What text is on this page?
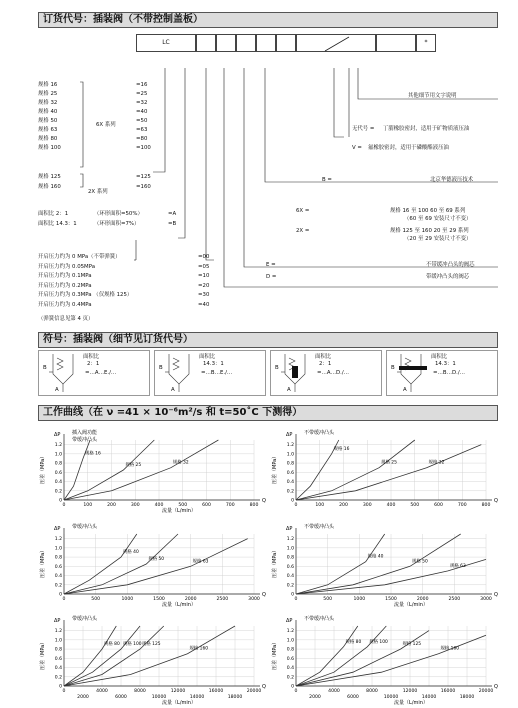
订货代号：插装阀（不带控制盖板）
LC	*
规格 16	=16
规格 25	=25
规格 32	=32
规格 40	=40
规格 50	=50
规格 63	=63
规格 80	=80
规格 100	=100
规格 125	=125
规格 160	=160
6X 系列
2X 系列
面积比 2：1	（环形面积=50%）	=A
面积比 14.3：1	（环形面积=7%）	=B
开启压力约为 0 MPa（不带弹簧）	=00
开启压力约为 0.05MPa	=05
开启压力约为 0.1MPa	=10
开启压力约为 0.2MPa	=20
开启压力约为 0.3MPa （仅规格 125）	=30
开启压力约为 0.4MPa	=40
（弹簧信息见第 4 页）
其他细节用文字说明
无代号 = 丁腈橡胶密封，适用于矿物质液压油
V = 氟橡胶密封，适用于磷酸酯液压油
B =	北京华德液压技术
6X =	规格 16 至 100 60 至 69 系列
（60 至 69 安装尺寸不变）
2X =	规格 125 至 160 20 至 29 系列
（20 至 29 安装尺寸不变）
E =	不带缓冲凸头的阀芯
D =	带缓冲凸头的阀芯
符号：插装阀（细节见订货代号）
面积比
2：1
=…A…E./…
B
A
面积比
14.3：1
=…B…E./…
B
A
面积比
2：1
=…A…D./…
B
A
面积比
14.3：1
=…B…D./…
B
A
工作曲线（在 ν =41 × 10⁻⁶m²/s 和 t=50˚C 下测得）
0	100	200	300	400	500	600	700	800
0
0.2
0.4
0.6
0.8
1.0
1.2
ΔP
Q
压差（MPa）	规格 16
规格 25	规格 32
插入阀功能
带缓冲凸头
流量（L/min）
0	100	200	300	400	500	600	700	800
0
0.2
0.4
0.6
0.8
1.0
1.2
ΔP
Q
压差（MPa）
规格 16
规格 25	规格 32
不带缓冲凸头
0	500	1000	1500	2000	2500	3000
0
0.2
0.4
0.6
0.8
1.0
1.2
ΔP
Q
压差（MPa）	规格 40
规格 50	规格 63
带缓冲凸头
流量（L/min）
0	500	1000	1500	2000	2500	3000
0
0.2
0.4
0.6
0.8
1.0
1.2
ΔP
Q
压差（MPa）	规格 40
规格 50
规格 63
不带缓冲凸头
流量（L/min）
0
2000
4000
6000
8000
10000
12000
14000
16000
18000
20000
0
0.2
0.4
0.6
0.8
1.0
1.2
ΔP
Q
压差（MPa）	规格 80 规格 100 规格 125
规格 160
带缓冲凸头
流量（L/min）
0
2000
4000
6000
8000
10000
12000
14000
16000
18000
20000
0
0.2
0.4
0.6
0.8
1.0
1.2
ΔP
Q
压差（MPa）	规格 80 规格 100	规格 125
规格 160
不带缓冲凸头
流量（L/min）
